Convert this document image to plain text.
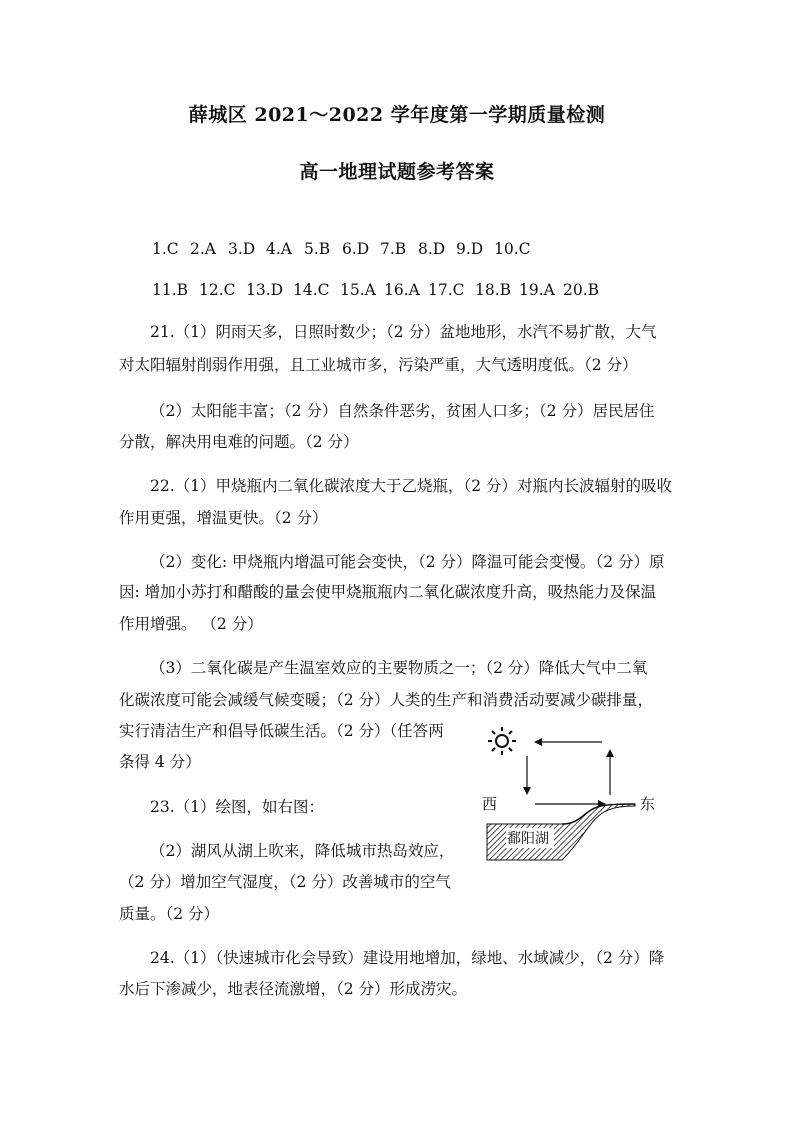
薛城区 2021～2022 学年度第一学期质量检测
高一地理试题参考答案
1.C 2.A 3.D 4.A 5.B 6.D 7.B 8.D 9.D 10.C
11.B 12.C 13.D 14.C 15.A 16.A 17.C 18.B 19.A 20.B
21.（1）阴雨天多，日照时数少；（2 分）盆地地形，水汽不易扩散，大气
对太阳辐射削弱作用强，且工业城市多，污染严重，大气透明度低。（2 分）
（2）太阳能丰富；（2 分）自然条件恶劣，贫困人口多；（2 分）居民居住
分散，解决用电难的问题。（2 分）
22.（1）甲烧瓶内二氧化碳浓度大于乙烧瓶，（2 分）对瓶内长波辐射的吸收
作用更强，增温更快。（2 分）
（2）变化: 甲烧瓶内增温可能会变快，（2 分）降温可能会变慢。（2 分）原
因: 增加小苏打和醋酸的量会使甲烧瓶瓶内二氧化碳浓度升高，吸热能力及保温
作用增强。 （2 分）
（3）二氧化碳是产生温室效应的主要物质之一；（2 分）降低大气中二氧
化碳浓度可能会减缓气候变暖；（2 分）人类的生产和消费活动要减少碳排量，
实行清洁生产和倡导低碳生活。（2 分）（任答两
条得 4 分）
23.（1）绘图，如右图：
（2）湖风从湖上吹来，降低城市热岛效应，
（2 分）增加空气湿度，（2 分）改善城市的空气
质量。（2 分）
24.（1）（快速城市化会导致）建设用地增加，绿地、水域减少，（2 分）降
水后下渗减少，地表径流激增，（2 分）形成涝灾。
西	东
鄱阳湖
